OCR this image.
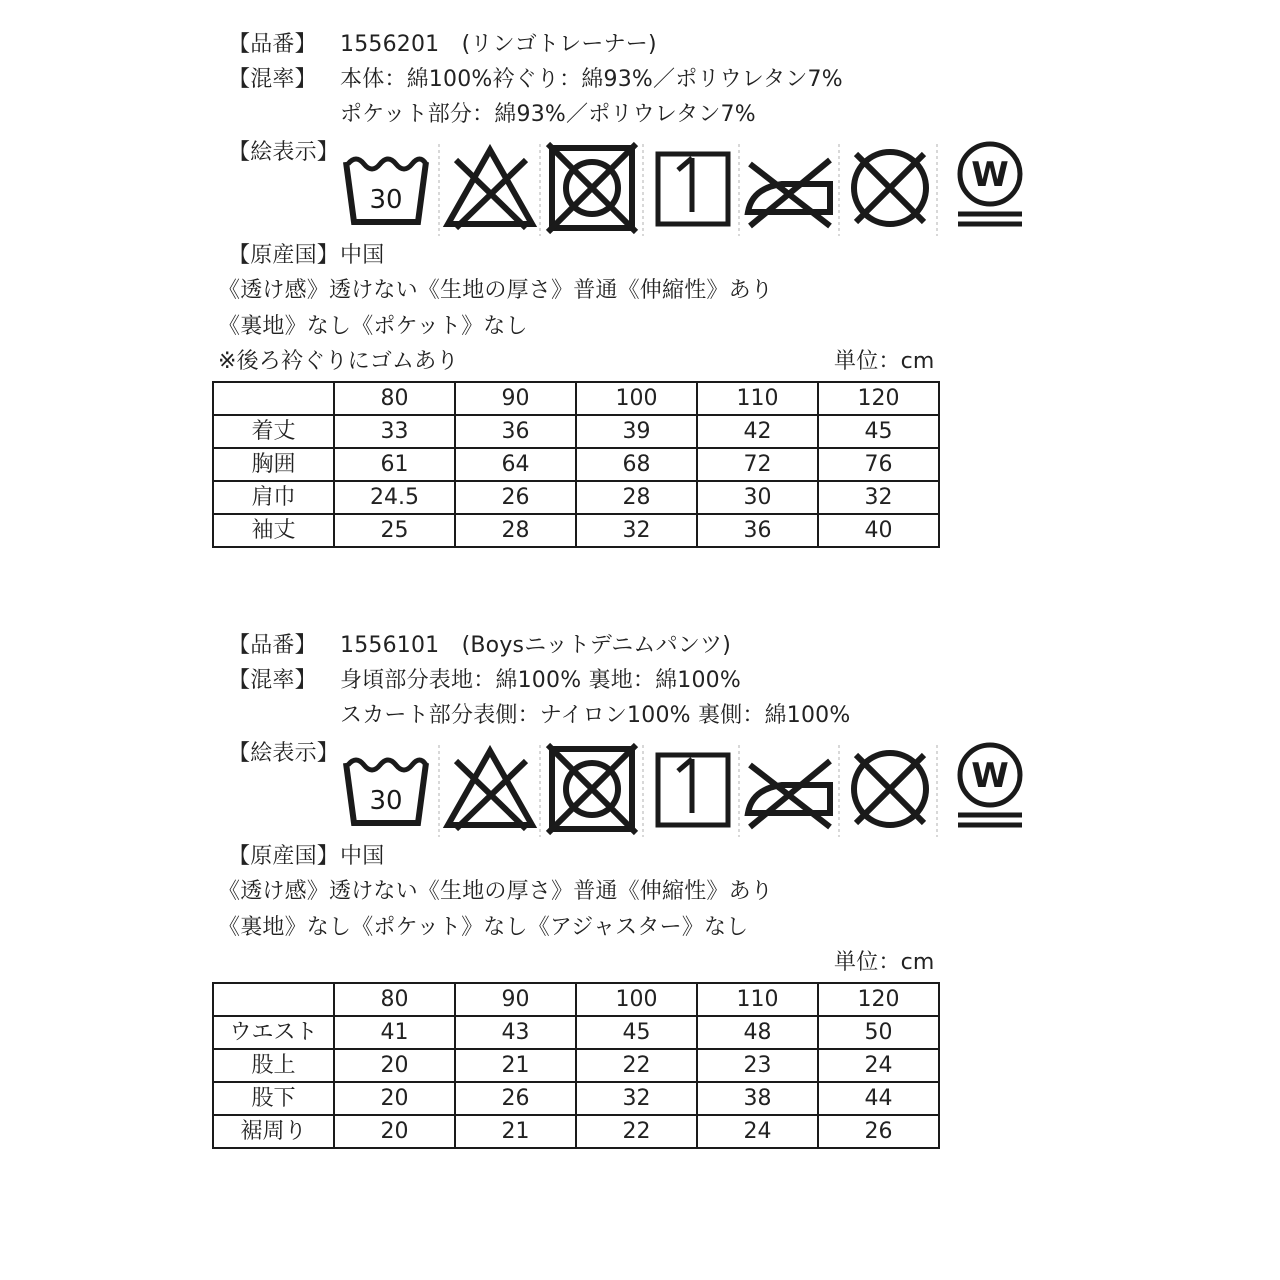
【品番】 1556201　(リンゴトレーナー)
【混率】 本体：綿100%衿ぐり：綿93%／ポリウレタン7%
ポケット部分：綿93%／ポリウレタン7%
【絵表示】
30
W
【原産国】 中国
《透け感》透けない《生地の厚さ》普通《伸縮性》あり
《裏地》なし《ポケット》なし
※後ろ衿ぐりにゴムあり	単位：cm
	80	90	100	110	120
着丈	33	36	39	42	45
胸囲	61	64	68	72	76
肩巾	24.5	26	28	30	32
袖丈	25	28	32	36	40
【品番】 1556101　(Boysニットデニムパンツ)
【混率】 身頃部分表地：綿100% 裏地：綿100%
スカート部分表側：ナイロン100% 裏側：綿100%
【絵表示】
30
W
【原産国】 中国
《透け感》透けない《生地の厚さ》普通《伸縮性》あり
《裏地》なし《ポケット》なし《アジャスター》なし
単位：cm
	80	90	100	110	120
ウエスト	41	43	45	48	50
股上	20	21	22	23	24
股下	20	26	32	38	44
裾周り	20	21	22	24	26
